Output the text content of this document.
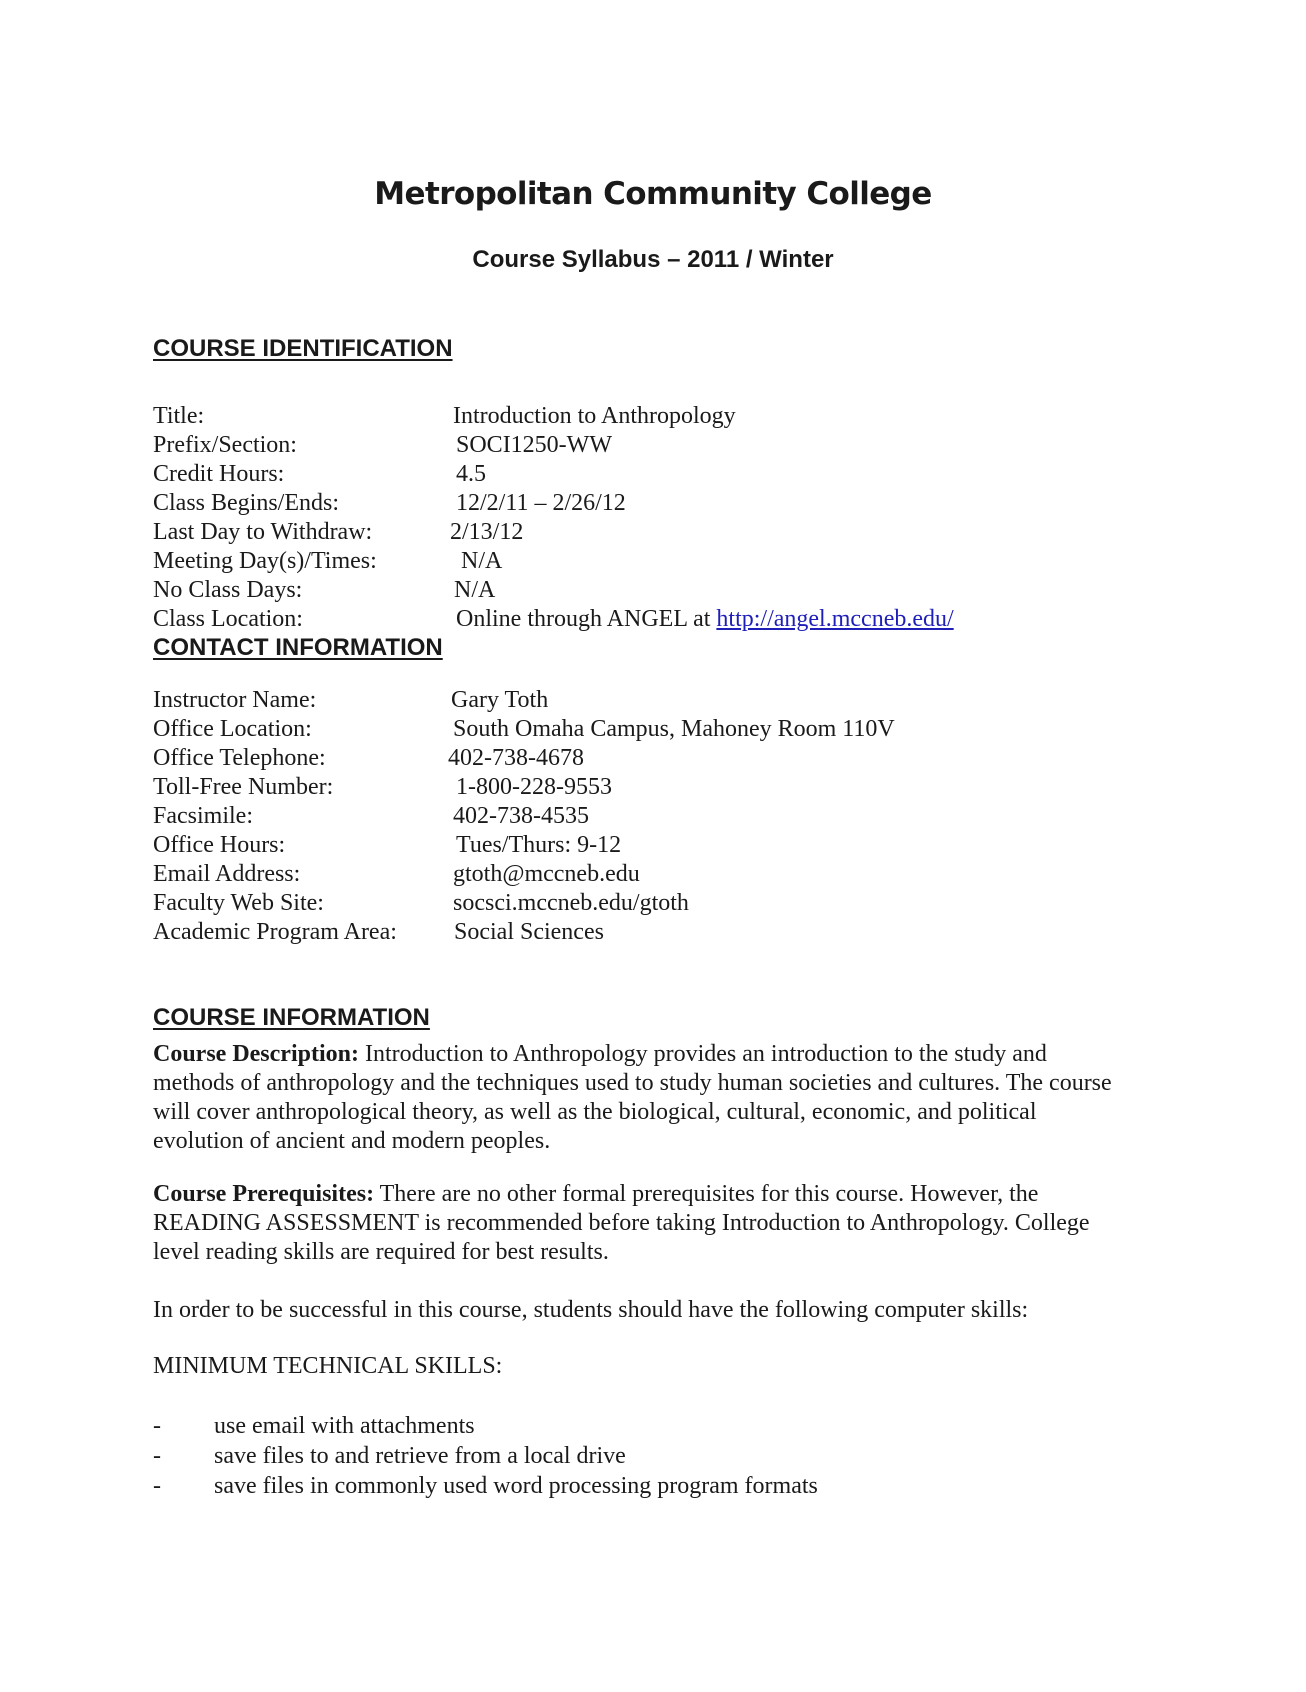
Metropolitan Community College
Course Syllabus – 2011 / Winter
COURSE IDENTIFICATION
Title:	Introduction to Anthropology
Prefix/Section:	SOCI1250-WW
Credit Hours:	4.5
Class Begins/Ends:	12/2/11 – 2/26/12
Last Day to Withdraw:	2/13/12
Meeting Day(s)/Times:	N/A
No Class Days:	N/A
Class Location:	Online through ANGEL at http://angel.mccneb.edu/
CONTACT INFORMATION
Instructor Name:	Gary Toth
Office Location:	South Omaha Campus, Mahoney Room 110V
Office Telephone:	402-738-4678
Toll-Free Number:	1-800-228-9553
Facsimile:	402-738-4535
Office Hours:	Tues/Thurs: 9-12
Email Address:	gtoth@mccneb.edu
Faculty Web Site:	socsci.mccneb.edu/gtoth
Academic Program Area: Social Sciences
COURSE INFORMATION

Course Description: Introduction to Anthropology provides an introduction to the study and methods of anthropology and the techniques used to study human societies and cultures. The course will cover anthropological theory, as well as the biological, cultural, economic, and political evolution of ancient and modern peoples.

Course Prerequisites: There are no other formal prerequisites for this course. However, the READING ASSESSMENT is recommended before taking Introduction to Anthropology. College level reading skills are required for best results.

In order to be successful in this course, students should have the following computer skills:

MINIMUM TECHNICAL SKILLS:

- use email with attachments
- save files to and retrieve from a local drive
- save files in commonly used word processing program formats
